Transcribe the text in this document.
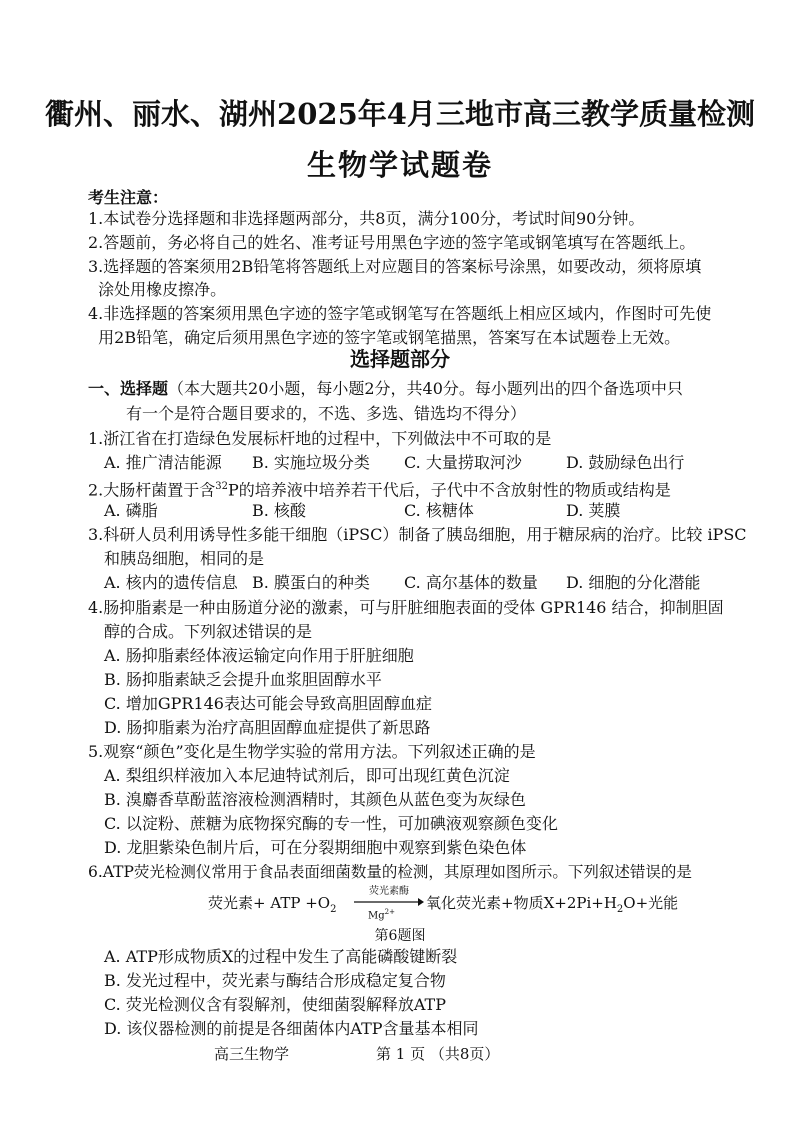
衢州、丽水、湖州2025年4月三地市高三教学质量检测
生物学试题卷
考生注意：
1.本试卷分选择题和非选择题两部分，共8页，满分100分，考试时间90分钟。
2.答题前，务必将自己的姓名、准考证号用黑色字迹的签字笔或钢笔填写在答题纸上。
3.选择题的答案须用2B铅笔将答题纸上对应题目的答案标号涂黑，如要改动，须将原填
涂处用橡皮擦净。
4.非选择题的答案须用黑色字迹的签字笔或钢笔写在答题纸上相应区域内，作图时可先使
用2B铅笔，确定后须用黑色字迹的签字笔或钢笔描黑，答案写在本试题卷上无效。
选择题部分
一、选择题（本大题共20小题，每小题2分，共40分。每小题列出的四个备选项中只
有一个是符合题目要求的，不选、多选、错选均不得分）
1.浙江省在打造绿色发展标杆地的过程中，下列做法中不可取的是
A. 推广清洁能源 B. 实施垃圾分类 C. 大量捞取河沙	D. 鼓励绿色出行
2.大肠杆菌置于含$^{32}$P的培养液中培养若干代后，子代中不含放射性的物质或结构是
A. 磷脂	B. 核酸	C. 核糖体	D. 荚膜
3.科研人员利用诱导性多能干细胞（iPSC）制备了胰岛细胞，用于糖尿病的治疗。比较 iPSC
和胰岛细胞，相同的是
A. 核内的遗传信息 B. 膜蛋白的种类 C. 高尔基体的数量 D. 细胞的分化潜能
4.肠抑脂素是一种由肠道分泌的激素，可与肝脏细胞表面的受体 GPR146 结合，抑制胆固
醇的合成。下列叙述错误的是
A. 肠抑脂素经体液运输定向作用于肝脏细胞
B. 肠抑脂素缺乏会提升血浆胆固醇水平
C. 增加GPR146表达可能会导致高胆固醇血症
D. 肠抑脂素为治疗高胆固醇血症提供了新思路
5.观察“颜色”变化是生物学实验的常用方法。下列叙述正确的是
A. 梨组织样液加入本尼迪特试剂后，即可出现红黄色沉淀
B. 溴麝香草酚蓝溶液检测酒精时，其颜色从蓝色变为灰绿色
C. 以淀粉、蔗糖为底物探究酶的专一性，可加碘液观察颜色变化
D. 龙胆紫染色制片后，可在分裂期细胞中观察到紫色染色体
6.ATP荧光检测仪常用于食品表面细菌数量的检测，其原理如图所示。下列叙述错误的是
荧光素+ ATP $+O_2$
荧光素酶
$Mg^{2+}$ 氧化荧光素+物质$X+2Pi+H_2O+$光能
第6题图
A. ATP形成物质X的过程中发生了高能磷酸键断裂
B. 发光过程中，荧光素与酶结合形成稳定复合物
C. 荧光检测仪含有裂解剂，使细菌裂解释放ATP
D. 该仪器检测的前提是各细菌体内ATP含量基本相同
高三生物学	第 1 页 （共8页）
